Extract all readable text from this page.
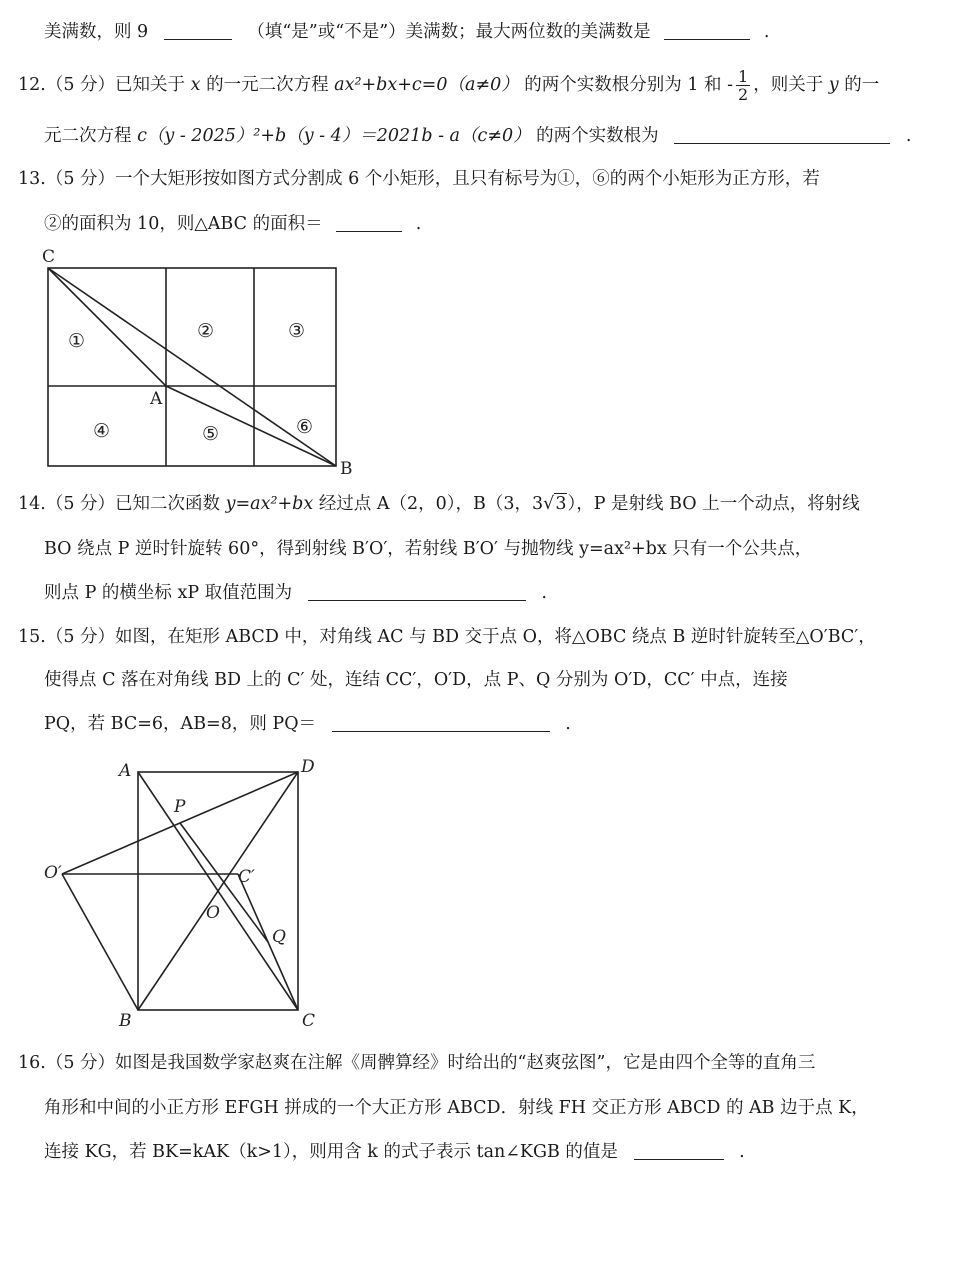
美满数，则 9	（填“是”或“不是”）美满数；最大两位数的美满数是	.
12.（5 分）已知关于 x 的一元二次方程 ax²+bx+c=0（a≠0） 的两个实数根分别为 1 和 - $\frac{1}{2}$ ，则关于 y 的一
元二次方程 c（y - 2025）²+b（y - 4）＝2021b - a（c≠0） 的两个实数根为	.
13.（5 分）一个大矩形按如图方式分割成 6 个小矩形，且只有标号为①，⑥的两个小矩形为正方形，若
②的面积为 10，则△ABC 的面积＝	.
C
A
B
①	②	③
④	⑤	⑥
14.（5 分）已知二次函数 y=ax²+bx 经过点 A（2，0），B（3，3√3），P 是射线 BO 上一个动点，将射线
BO 绕点 P 逆时针旋转 60°，得到射线 B′O′，若射线 B′O′ 与抛物线 y=ax²+bx 只有一个公共点，
则点 P 的横坐标 xP 取值范围为	.
15.（5 分）如图，在矩形 ABCD 中，对角线 AC 与 BD 交于点 O，将△OBC 绕点 B 逆时针旋转至△O′BC′，
使得点 C 落在对角线 BD 上的 C′ 处，连结 CC′，O′D，点 P、Q 分别为 O′D，CC′ 中点，连接
PQ，若 BC=6，AB=8，则 PQ＝	.
A	D
P
O′	C′
O
Q
B	C
16.（5 分）如图是我国数学家赵爽在注解《周髀算经》时给出的“赵爽弦图”，它是由四个全等的直角三
角形和中间的小正方形 EFGH 拼成的一个大正方形 ABCD．射线 FH 交正方形 ABCD 的 AB 边于点 K，
连接 KG，若 BK=kAK（k>1），则用含 k 的式子表示 tan∠KGB 的值是	.
